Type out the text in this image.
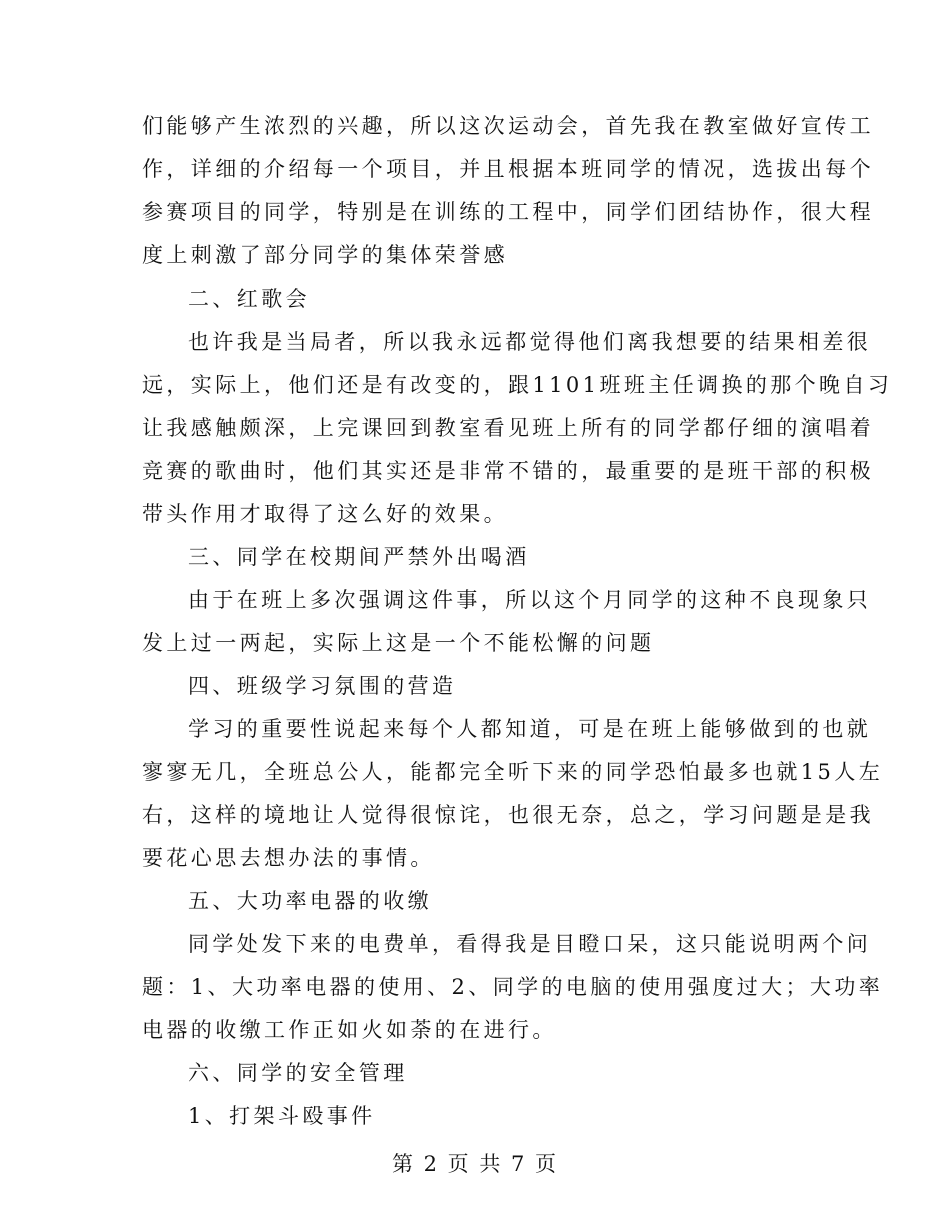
们能够产生浓烈的兴趣，所以这次运动会，首先我在教室做好宣传工
作，详细的介绍每一个项目，并且根据本班同学的情况，选拔出每个
参赛项目的同学，特别是在训练的工程中，同学们团结协作，很大程
度上刺激了部分同学的集体荣誉感
二、红歌会
也许我是当局者，所以我永远都觉得他们离我想要的结果相差很
远，实际上，他们还是有改变的，跟1101班班主任调换的那个晚自习
让我感触颇深，上完课回到教室看见班上所有的同学都仔细的演唱着
竞赛的歌曲时，他们其实还是非常不错的，最重要的是班干部的积极
带头作用才取得了这么好的效果。
三、同学在校期间严禁外出喝酒
由于在班上多次强调这件事，所以这个月同学的这种不良现象只
发上过一两起，实际上这是一个不能松懈的问题
四、班级学习氛围的营造
学习的重要性说起来每个人都知道，可是在班上能够做到的也就
寥寥无几，全班总公人，能都完全听下来的同学恐怕最多也就15人左
右，这样的境地让人觉得很惊诧，也很无奈，总之，学习问题是是我
要花心思去想办法的事情。
五、大功率电器的收缴
同学处发下来的电费单，看得我是目瞪口呆，这只能说明两个问
题：1、大功率电器的使用、2、同学的电脑的使用强度过大；大功率
电器的收缴工作正如火如荼的在进行。
六、同学的安全管理
1、打架斗殴事件
第 2 页 共 7 页
